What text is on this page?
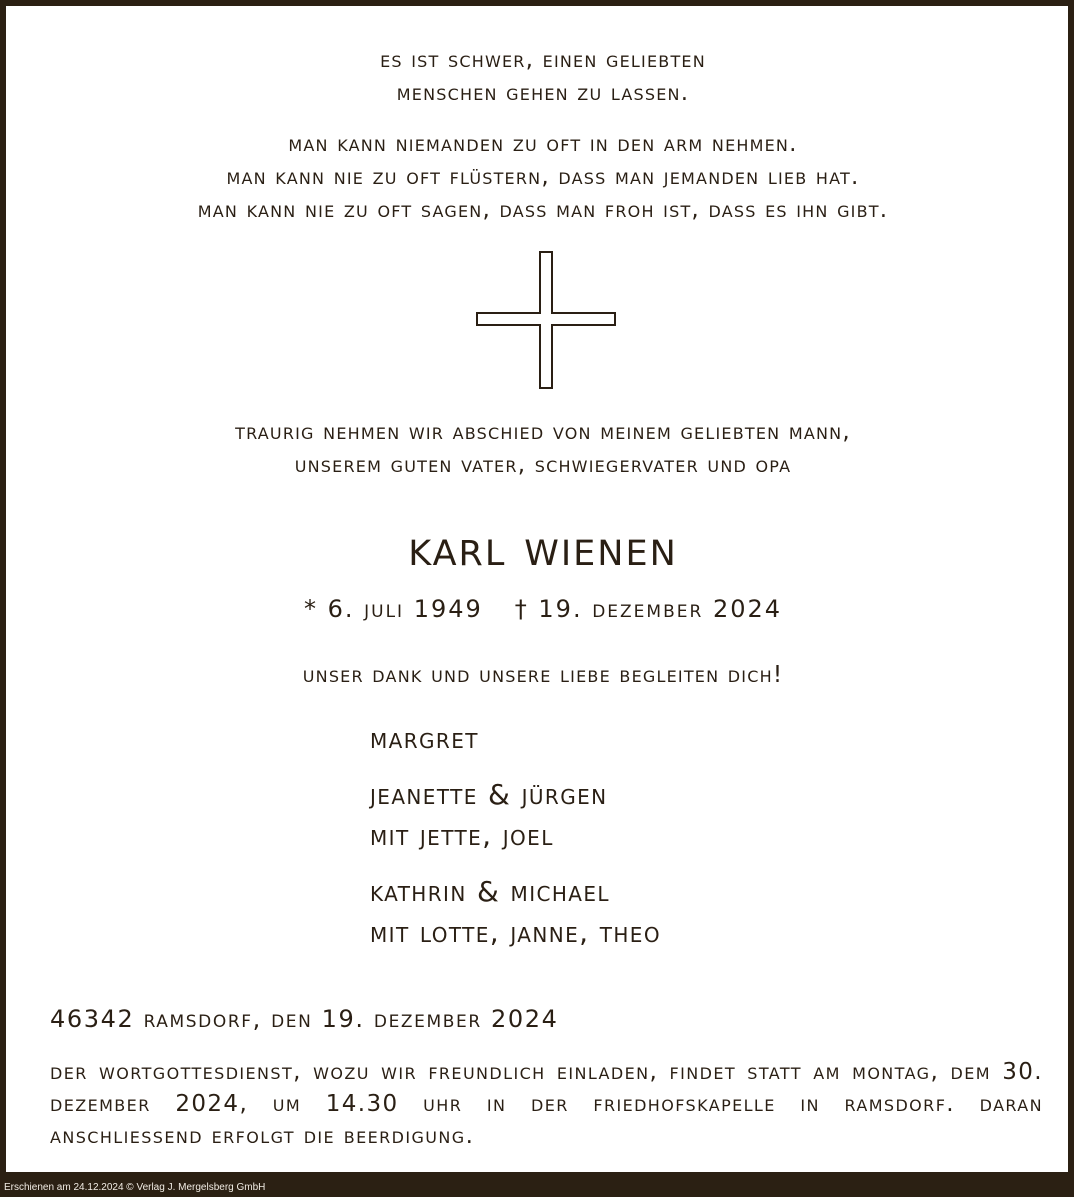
es ist schwer, einen geliebten
menschen gehen zu lassen.
man kann niemanden zu oft in den arm nehmen.
man kann nie zu oft flüstern, dass man jemanden lieb hat.
man kann nie zu oft sagen, dass man froh ist, dass es ihn gibt.
traurig nehmen wir abschied von meinem geliebten mann,
unserem guten vater, schwiegervater und opa
karl wienen
* 6. juli 1949 † 19. dezember 2024
unser dank und unsere liebe begleiten dich!
margret
jeanette & jürgen
mit jette, joel
kathrin & michael
mit lotte, janne, theo
46342 ramsdorf, den 19. dezember 2024
der wortgottesdienst, wozu wir freundlich einladen, findet statt am montag, dem 30. dezember 2024, um 14.30 uhr in der friedhofskapelle in ramsdorf. daran anschliessend erfolgt die beerdigung.
Erschienen am 24.12.2024 © Verlag J. Mergelsberg GmbH
